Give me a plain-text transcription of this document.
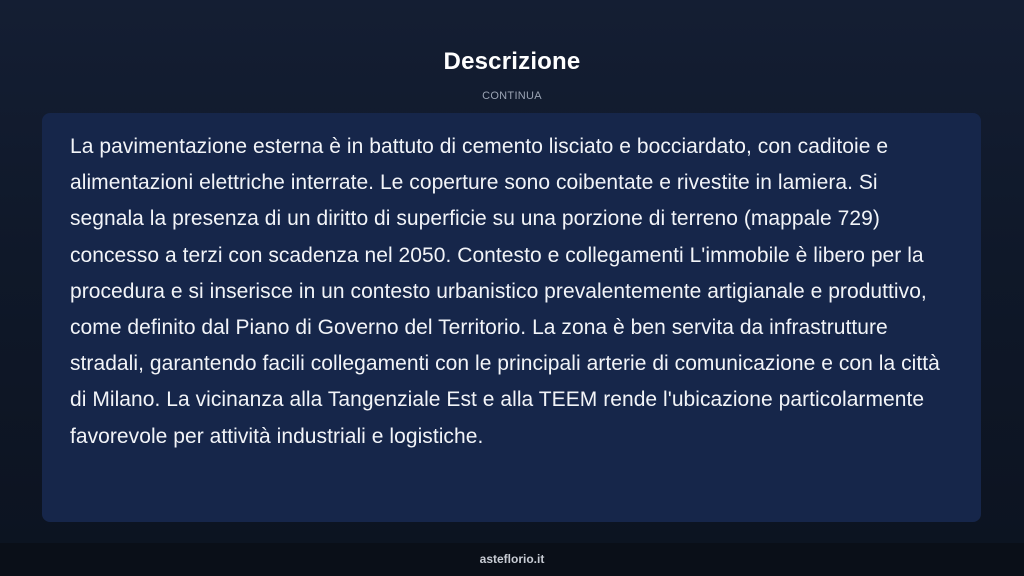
Descrizione
CONTINUA

La pavimentazione esterna è in battuto di cemento lisciato e bocciardato, con caditoie e alimentazioni elettriche interrate. Le coperture sono coibentate e rivestite in lamiera. Si segnala la presenza di un diritto di superficie su una porzione di terreno (mappale 729) concesso a terzi con scadenza nel 2050. Contesto e collegamenti L'immobile è libero per la procedura e si inserisce in un contesto urbanistico prevalentemente artigianale e produttivo, come definito dal Piano di Governo del Territorio. La zona è ben servita da infrastrutture stradali, garantendo facili collegamenti con le principali arterie di comunicazione e con la città di Milano. La vicinanza alla Tangenziale Est e alla TEEM rende l'ubicazione particolarmente favorevole per attività industriali e logistiche.

asteflorio.it
